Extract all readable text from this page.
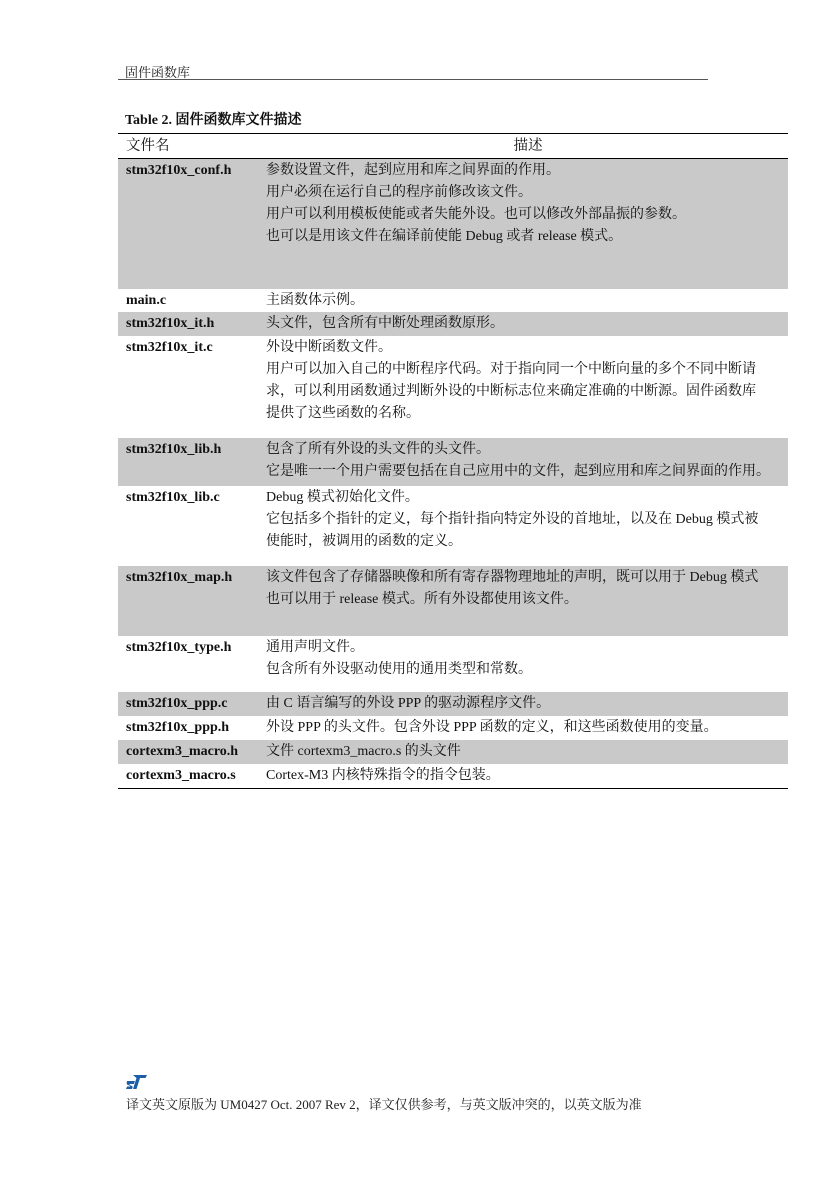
固件函数库
Table 2. 固件函数库文件描述
文件名	描述
stm32f10x_conf.h	参数设置文件，起到应用和库之间界面的作用。
用户必须在运行自己的程序前修改该文件。
用户可以利用模板使能或者失能外设。也可以修改外部晶振的参数。
也可以是用该文件在编译前使能 Debug 或者 release 模式。
main.c	主函数体示例。
stm32f10x_it.h	头文件，包含所有中断处理函数原形。
stm32f10x_it.c	外设中断函数文件。
用户可以加入自己的中断程序代码。对于指向同一个中断向量的多个不同中断请
求，可以利用函数通过判断外设的中断标志位来确定准确的中断源。固件函数库
提供了这些函数的名称。
stm32f10x_lib.h	包含了所有外设的头文件的头文件。
它是唯一一个用户需要包括在自己应用中的文件，起到应用和库之间界面的作用。
stm32f10x_lib.c	Debug 模式初始化文件。
它包括多个指针的定义，每个指针指向特定外设的首地址，以及在 Debug 模式被
使能时，被调用的函数的定义。
stm32f10x_map.h	该文件包含了存储器映像和所有寄存器物理地址的声明，既可以用于 Debug 模式
也可以用于 release 模式。所有外设都使用该文件。
stm32f10x_type.h	通用声明文件。
包含所有外设驱动使用的通用类型和常数。
stm32f10x_ppp.c	由 C 语言编写的外设 PPP 的驱动源程序文件。
stm32f10x_ppp.h	外设 PPP 的头文件。包含外设 PPP 函数的定义，和这些函数使用的变量。
cortexm3_macro.h	文件 cortexm3_macro.s 的头文件
cortexm3_macro.s	Cortex-M3 内核特殊指令的指令包装。
译文英文原版为 UM0427 Oct. 2007 Rev 2，译文仅供参考，与英文版冲突的，以英文版为准
